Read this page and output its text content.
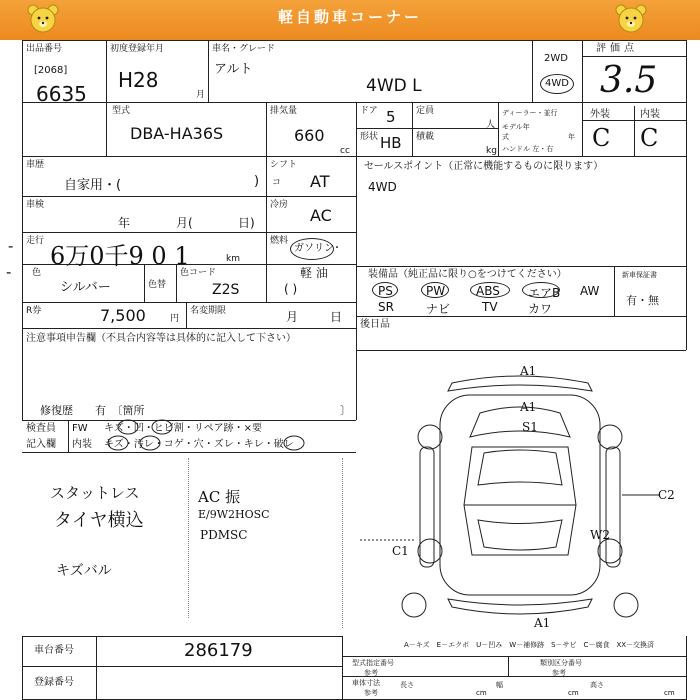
軽自動車コーナー
出品番号
[2068]
6635
初度登録年月
H28
月
車名・グレード
アルト
4WD L
2WD
4WD
評価点
3.5
外装	内装
C C
型式
DBA-HA36S
排気量
660
cc
ドア 5 定員
人
形状 HB 積載
kg
ディーラー・並行
モデル年式	年
ハンドル 左・右
車歴
自家用・(	)
シフト
コ AT
車検
年	月(	日)
冷房
AC
走行
6万0千9 0 1	km
-	燃料
ガソリン
・
軽 油
( )
色
シルバー	色替
色コード
Z2S
-
R券	7,500	円
名変期限	月	日
注意事項申告欄（不具合内容等は具体的に記入して下さい）
修復歴　　有　〔箇所	〕
セールスポイント（正常に機能するものに限ります）
4WD
装備品（純正品に限り○をつけてください）
PS	PW	ABS エアB AW
SR	ナビ	TV	カワ
新車保証書
有・無
後日品
検査員 FW キズ・凹・ヒビ割・リペア跡・×要
記入欄 内装 キズ・汚レ・コゲ・穴・ズレ・キレ・破レ
スタットレス
タイヤ横込
キズバル
AC 振
E/9W2HOSC
PDMSC
A1
A1
S1
C2
W2
C1
A1
A－キズ　E－エクボ　U－凹み　W－補修跡　S－サビ　C－腐食　XX－交換済
車台番号	286179
登録番号
型式指定番号
参考
類別区分番号
参考
車体寸法
参考
長さ
cm
幅
cm
高さ
cm
